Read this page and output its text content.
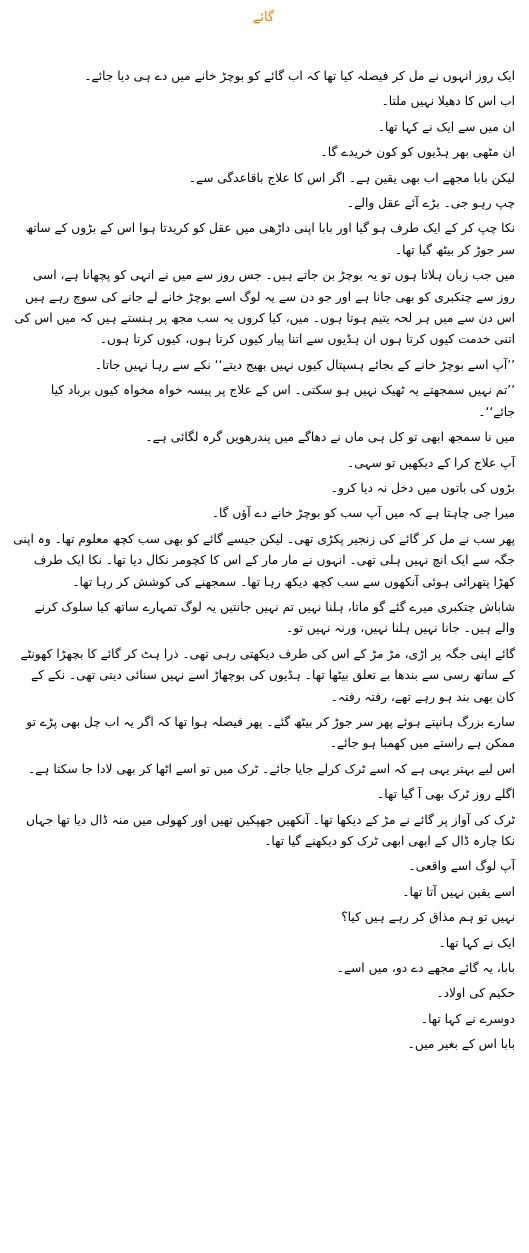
گائے

ایک روز انہوں نے مل کر فیصلہ کیا تھا کہ اب گائے کو بوچڑ خانے میں دے ہی دیا جائے۔

اب اس کا دھیلا نہیں ملتا۔

ان میں سے ایک نے کہا تھا۔

ان مٹھی بھر ہڈیوں کو کون خریدے گا۔

لیکن بابا مجھے اب بھی یقین ہے۔ اگر اس کا علاج باقاعدگی سے۔

چپ رہو جی۔ بڑے آئے عقل والے۔

نکا چپ کر کے ایک طرف ہو گیا اور بابا اپنی داڑھی میں عقل کو کریدتا ہوا اس کے بڑوں کے ساتھ سر جوڑ کر بیٹھ گیا تھا۔

میں جب زبان ہلاتا ہوں تو یہ بوچڑ بن جاتے ہیں۔ جس روز سے میں نے انہی کو پچھانا ہے، اسی روز سے چتکبری کو بھی جانا ہے اور جو دن سے یہ لوگ اسے بوچڑ خانے لے جانے کی سوچ رہے ہیں اس دن سے میں ہر لحہ یتیم ہوتا ہوں۔ میں، کیا کروں یہ سب مجھ پر ہنستے ہیں کہ میں اس کی اتنی خدمت کیوں کرتا ہوں ان ہڈیوں سے اتنا پیار کیوں کرتا ہوں، کیوں کرتا ہوں۔

’’آپ اسے بوچڑ خانے کے بجائے ہسپتال کیوں نہیں بھیج دیتے‘‘ نکے سے رہا نہیں جاتا۔

’’تم نہیں سمجھتے یہ ٹھیک نہیں ہو سکتی۔ اس کے علاج پر پیسہ خواہ مخواہ کیوں برباد کیا جائے‘‘۔

میں نا سمجھ ابھی تو کل ہی ماں نے دھاگے میں پندرھویں گرہ لگائی ہے۔

آپ علاج کرا کے دیکھیں تو سہی۔

بڑوں کی باتوں میں دخل نہ دیا کرو۔

میرا جی چاہتا ہے کہ میں آپ سب کو بوچڑ خانے دے آؤں گا۔

پھر سب نے مل کر گائے کی زنجیر پکڑی تھی۔ لیکن جیسے گائے کو بھی سب کچھ معلوم تھا۔ وہ اپنی جگہ سے ایک انچ نہیں ہلی تھی۔ انہوں نے مار مار کے اس کا کچومر نکال دیا تھا۔ نکا ایک طرف کھڑا پتھرائی ہوئی آنکھوں سے سب کچھ دیکھ رہا تھا۔ سمجھنے کی کوشش کر رہا تھا۔

شاباش چتکبری میرے گئے گو ماتا، ہلنا نہیں تم نہیں جانتیں یہ لوگ تمہارے ساتھ کیا سلوک کرنے والے ہیں۔ جانا نہیں ہلنا نہیں، ورنہ نہیں تو۔

گائے اپنی جگہ پر اڑی، مڑ مڑ کے اس کی طرف دیکھتی رہی تھی۔ ذرا ہٹ کر گائے کا بچھڑا کھونٹے کے ساتھ رسی سے بندھا بے تعلق بیٹھا تھا۔ ہڈیوں کی بوچھاڑ اسے نہیں سنائی دیتی تھی۔ نکے کے کان بھی بند ہو رہے تھے، رفتہ رفتہ۔

سارے بزرگ ہانپتے ہوئے پھر سر جوڑ کر بیٹھ گئے۔ پھر فیصلہ ہوا تھا کہ اگر یہ اب چل بھی پڑے تو ممکن ہے راستے میں کھمبا ہو جائے۔

اس لیے بہتر یہی ہے کہ اسے ٹرک کرلے جایا جائے۔ ٹرک میں تو اسے اٹھا کر بھی لادا جا سکتا ہے۔

اگلے روز ٹرک بھی آ گیا تھا۔

ٹرک کی آواز پر گائے نے مڑ کے دیکھا تھا۔ آنکھیں جھپکیں تھیں اور کھولی میں منہ ڈال دیا تھا جہاں نکا چارہ ڈال کے ابھی ابھی ٹرک کو دیکھنے گیا تھا۔

آپ لوگ اسے واقعی۔

اسے یقین نہیں آتا تھا۔

نہیں تو ہم مذاق کر رہے ہیں کیا؟

ایک نے کہا تھا۔

بابا، یہ گائے مجھے دے دو، میں اسے۔

حکیم کی اولاد۔

دوسرے نے کہا تھا۔

بابا اس کے بغیر میں۔
